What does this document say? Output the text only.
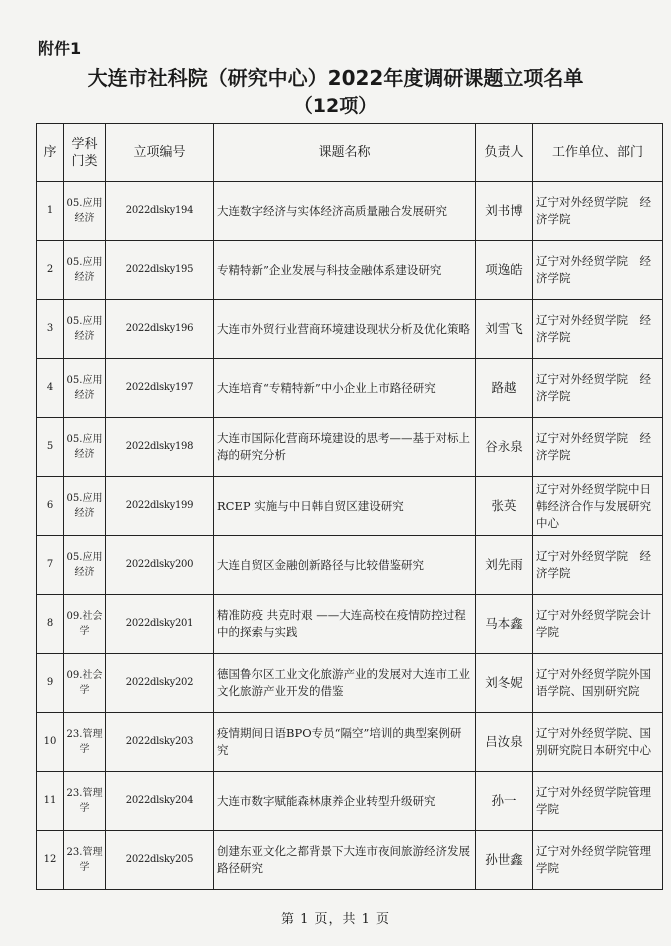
附件1
大连市社科院（研究中心）2022年度调研课题立项名单
（12项）
序	学科门类	立项编号	课题名称	负责人	工作单位、部门
1	05.应用经济	2022dlsky194	大连数字经济与实体经济高质量融合发展研究	刘书博	辽宁对外经贸学院　经济学院
2	05.应用经济	2022dlsky195	专精特新”企业发展与科技金融体系建设研究	项逸皓	辽宁对外经贸学院　经济学院
3	05.应用经济	2022dlsky196	大连市外贸行业营商环境建设现状分析及优化策略	刘雪飞	辽宁对外经贸学院　经济学院
4	05.应用经济	2022dlsky197	大连培育“专精特新”中小企业上市路径研究	路越	辽宁对外经贸学院　经济学院
5	05.应用经济	2022dlsky198	大连市国际化营商环境建设的思考——基于对标上海的研究分析	谷永泉	辽宁对外经贸学院　经济学院
6	05.应用经济	2022dlsky199	RCEP 实施与中日韩自贸区建设研究	张英	辽宁对外经贸学院中日韩经济合作与发展研究中心
7	05.应用经济	2022dlsky200	大连自贸区金融创新路径与比较借鉴研究	刘先雨	辽宁对外经贸学院　经济学院
8	09.社会学	2022dlsky201	精准防疫 共克时艰 ——大连高校在疫情防控过程中的探索与实践	马本鑫	辽宁对外经贸学院会计学院
9	09.社会学	2022dlsky202	德国鲁尔区工业文化旅游产业的发展对大连市工业文化旅游产业开发的借鉴	刘冬妮	辽宁对外经贸学院外国语学院、国别研究院
10	23.管理学	2022dlsky203	疫情期间日语BPO专员“隔空”培训的典型案例研究	吕汝泉	辽宁对外经贸学院、国别研究院日本研究中心
11	23.管理学	2022dlsky204	大连市数字赋能森林康养企业转型升级研究	孙一	辽宁对外经贸学院管理学院
12	23.管理学	2022dlsky205	创建东亚文化之都背景下大连市夜间旅游经济发展路径研究	孙世鑫	辽宁对外经贸学院管理学院
第 1 页，共 1 页
